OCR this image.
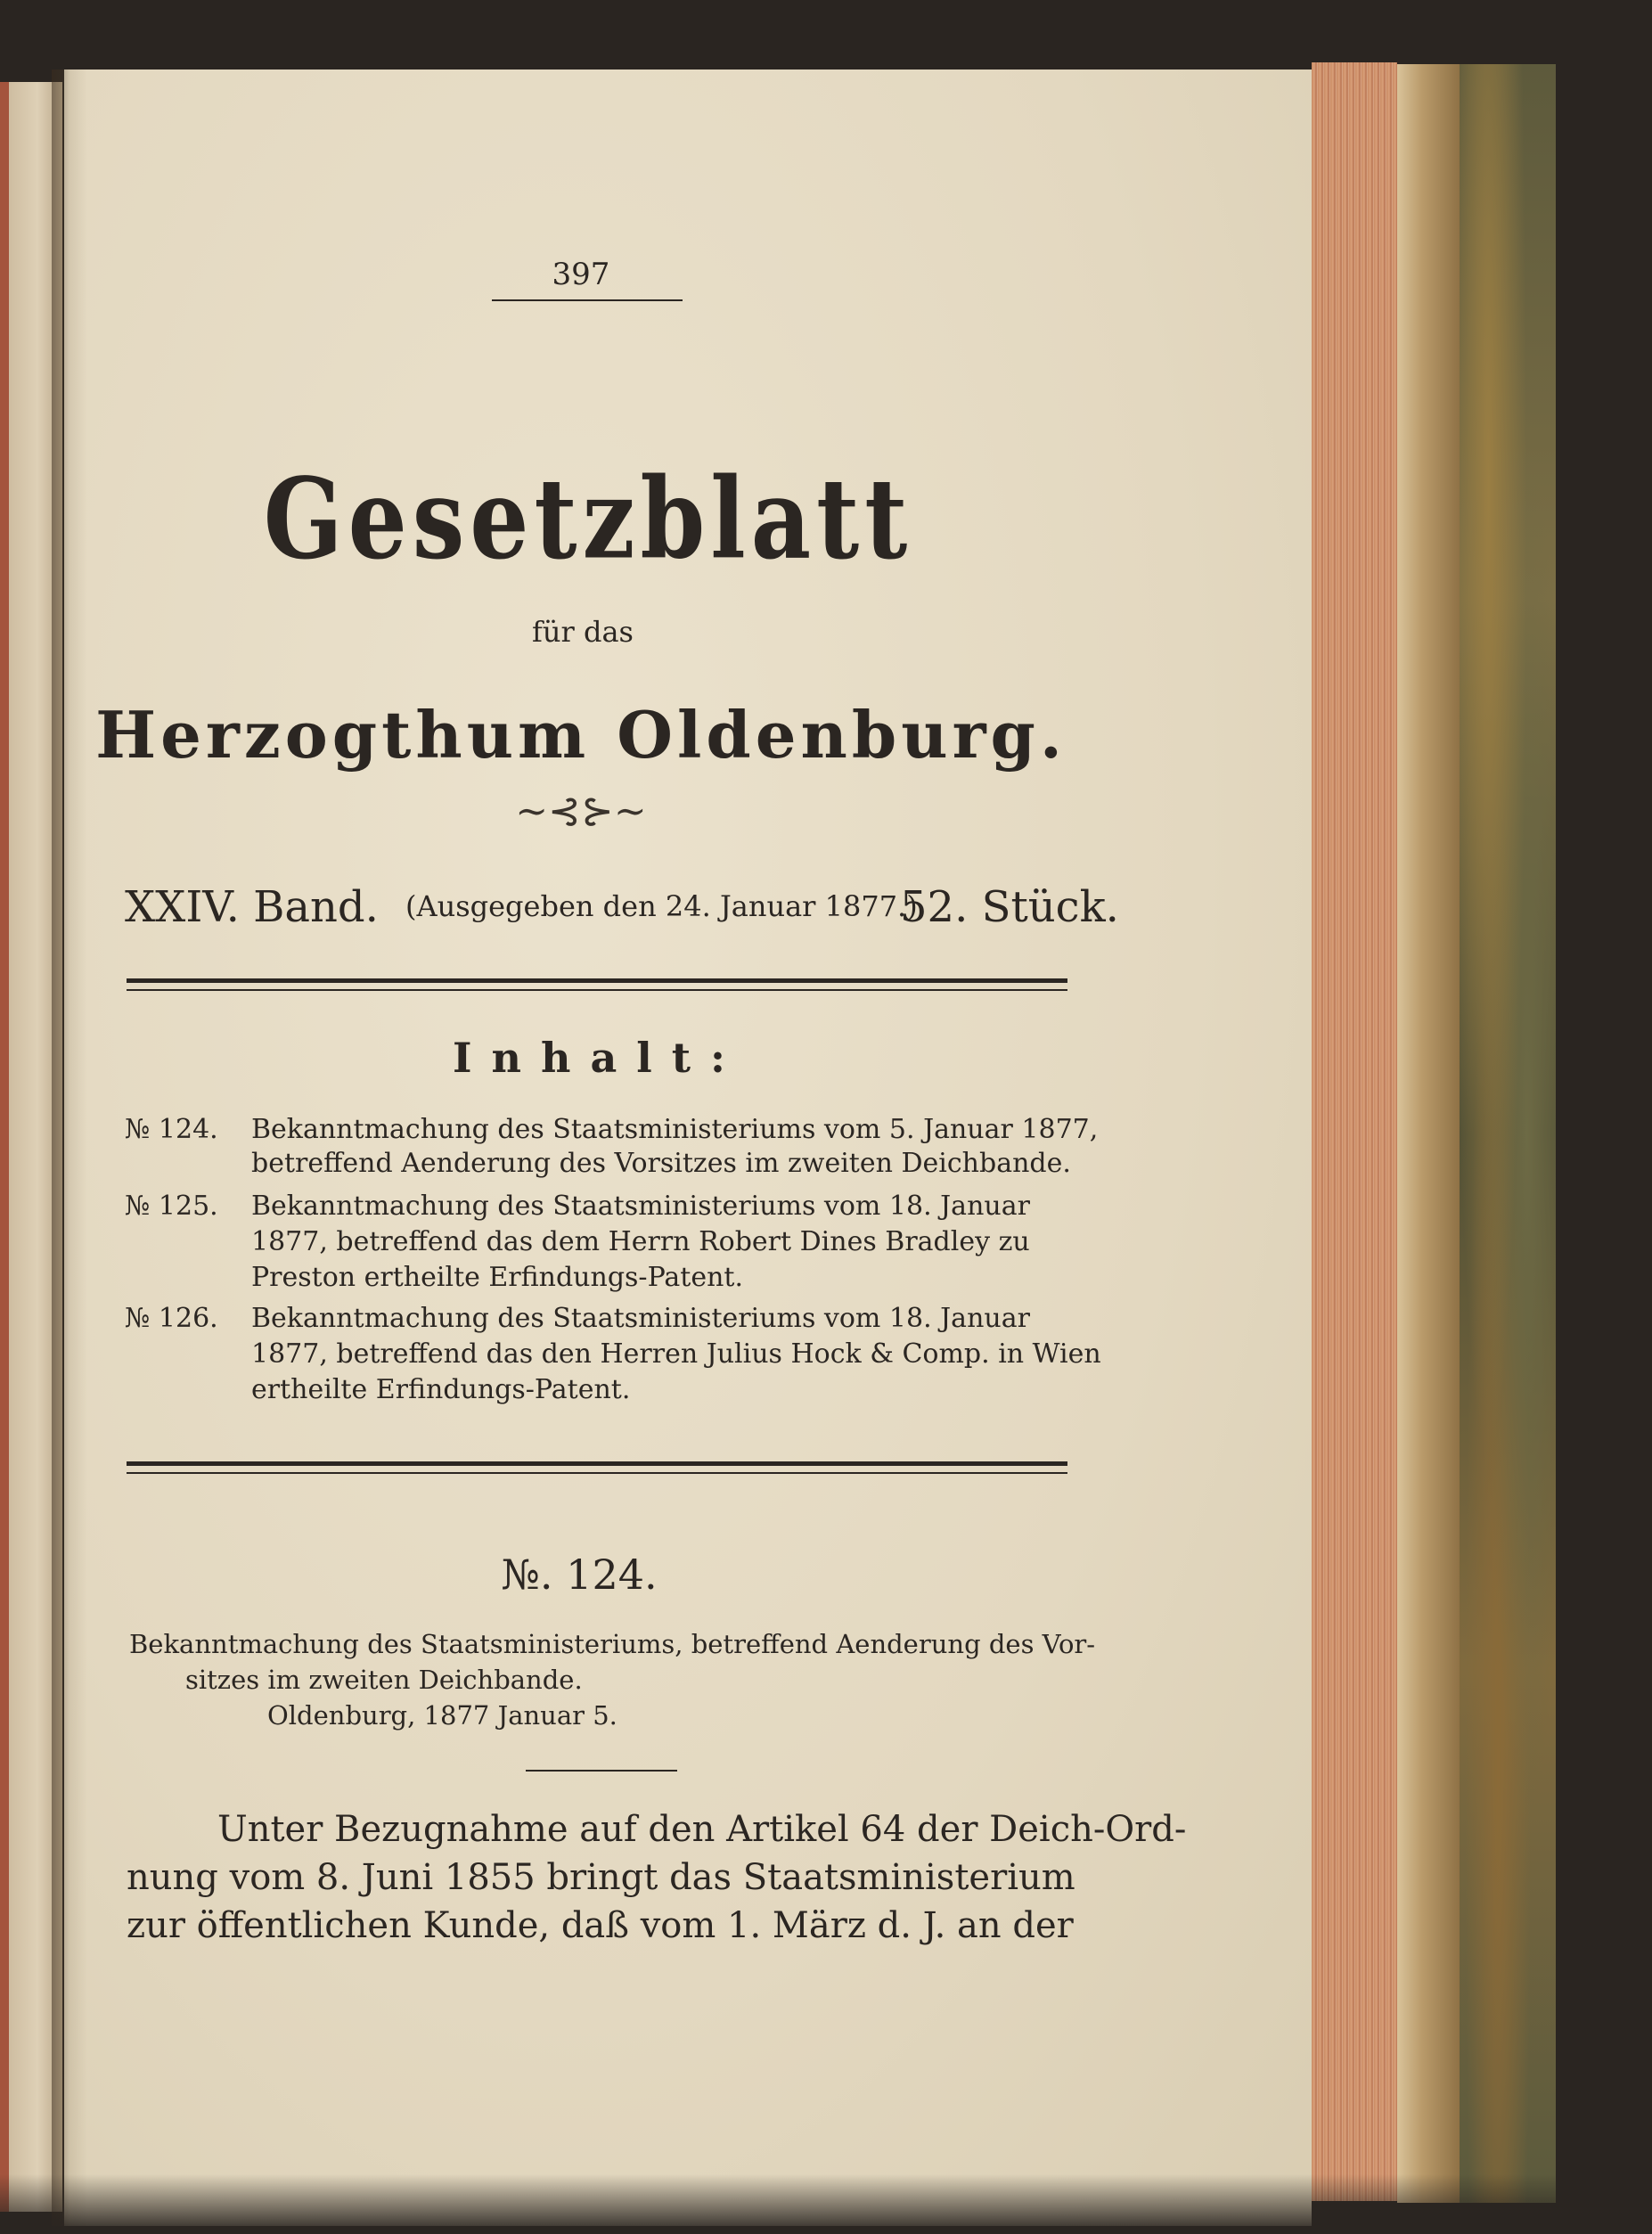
397
Gesetzblatt
für das
Herzogthum Oldenburg.
~⊰⊱~
XXIV. Band. (Ausgegeben den 24. Januar 1877.)
52. Stück.
Inhalt:
№ 124. Bekanntmachung des Staatsministeriums vom 5. Januar 1877,
betreffend Aenderung des Vorsitzes im zweiten Deichbande.
№ 125. Bekanntmachung des Staatsministeriums vom 18. Januar
1877, betreffend das dem Herrn Robert Dines Bradley zu
Preston ertheilte Erfindungs-Patent.
№ 126. Bekanntmachung des Staatsministeriums vom 18. Januar
1877, betreffend das den Herren Julius Hock & Comp. in Wien
ertheilte Erfindungs-Patent.
№. 124.
Bekanntmachung des Staatsministeriums, betreffend Aenderung des Vor-
sitzes im zweiten Deichbande.
Oldenburg, 1877 Januar 5.
Unter Bezugnahme auf den Artikel 64 der Deich-Ord-
nung vom 8. Juni 1855 bringt das Staatsministerium
zur öffentlichen Kunde, daß vom 1. März d. J. an der
